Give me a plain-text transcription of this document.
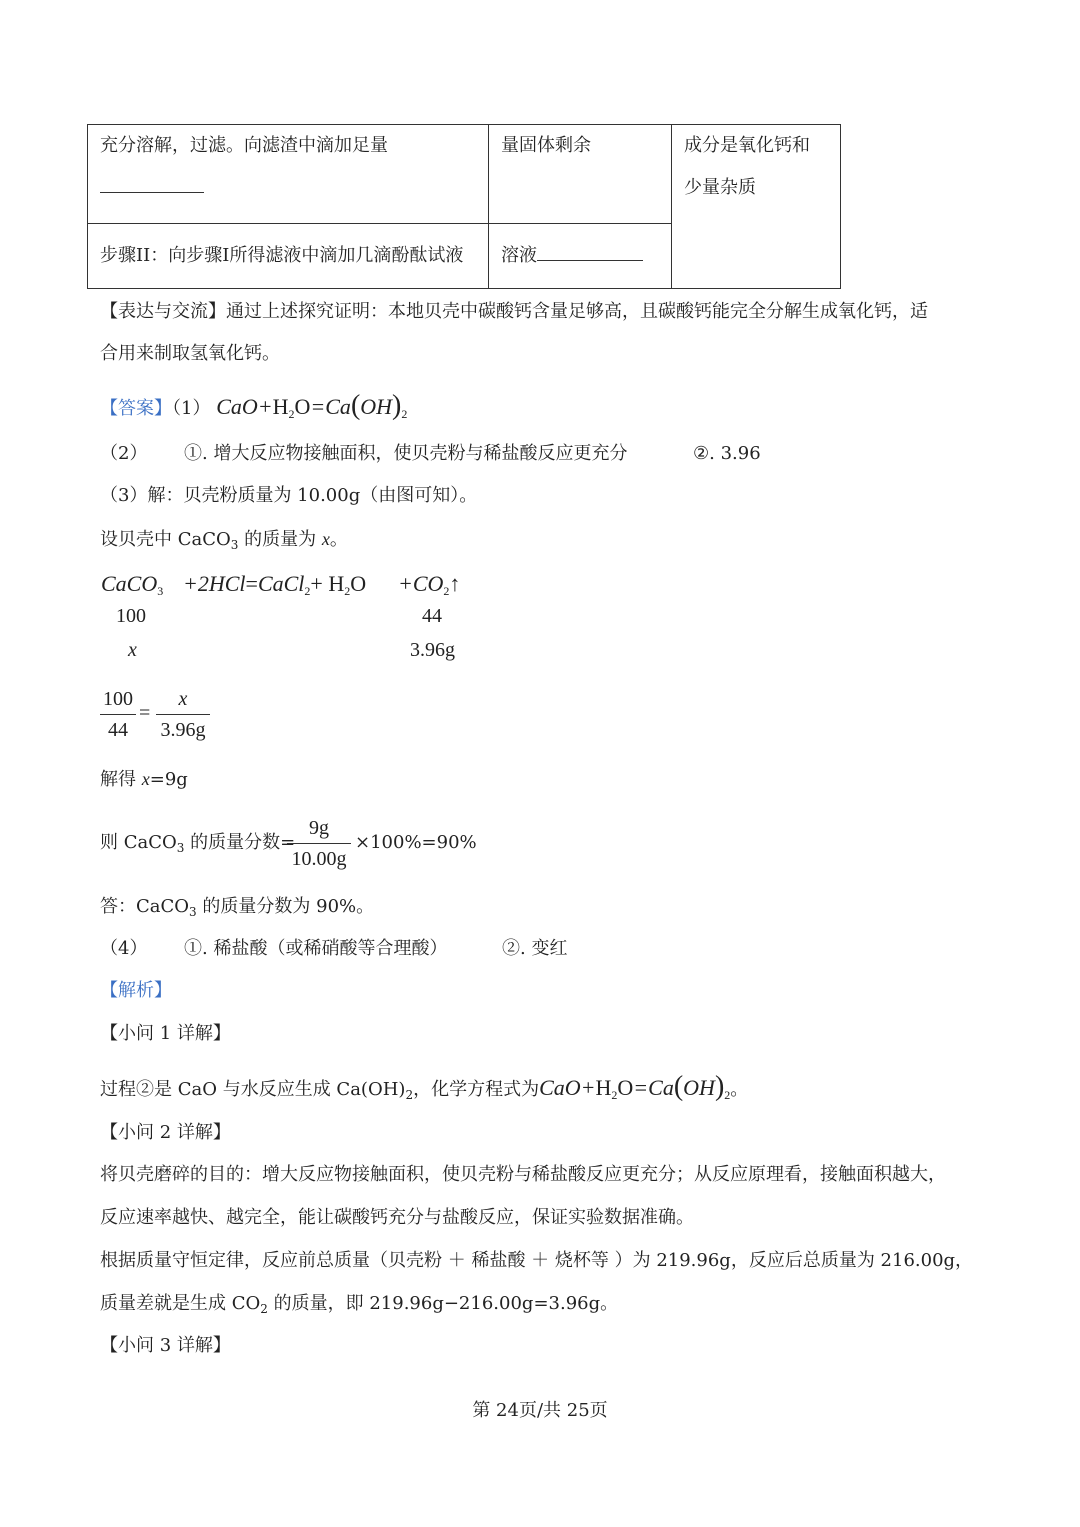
充分溶解，过滤。向滤渣中滴加足量	量固体剩余	成分是氧化钙和
少量杂质
步骤II：向步骤I所得滤液中滴加几滴酚酞试液	溶液	
【表达与交流】通过上述探究证明：本地贝壳中碳酸钙含量足够高，且碳酸钙能完全分解生成氧化钙，适
合用来制取氢氧化钙。
【答案】（1） $CaO+H_2O=Ca(OH)_2$
（2） ①. 增大反应物接触面积，使贝壳粉与稀盐酸反应更充分	②. 3.96
（3）解：贝壳粉质量为 10.00g（由图可知）。
设贝壳中 CaCO$_3$ 的质量为 x。
CaCO$_3$ +2HCl=CaCl$_2$+ $H_2O$ $+CO_2↑$
100	44
x	3.96g
100
44
=
x
3.96g
解得 x=9g
则 CaCO$_3$ 的质量分数=
9g
10.00g
×100%=90%
答：CaCO$_3$ 的质量分数为 90%。
（4） ①. 稀盐酸（或稀硝酸等合理酸）	②. 变红
【解析】
【小问 1 详解】
过程②是 CaO 与水反应生成 $Ca(OH)_2$，化学方程式为$CaO+H_2O=Ca(OH)_2$。
【小问 2 详解】
将贝壳磨碎的目的：增大反应物接触面积，使贝壳粉与稀盐酸反应更充分；从反应原理看，接触面积越大，
反应速率越快、越完全，能让碳酸钙充分与盐酸反应，保证实验数据准确。
根据质量守恒定律，反应前总质量（贝壳粉 ＋ 稀盐酸 ＋ 烧杯等 ）为 219.96g，反应后总质量为 216.00g，
质量差就是生成 $CO_2$ 的质量，即 219.96g−216.00g=3.96g。
【小问 3 详解】
第 24页/共 25页
